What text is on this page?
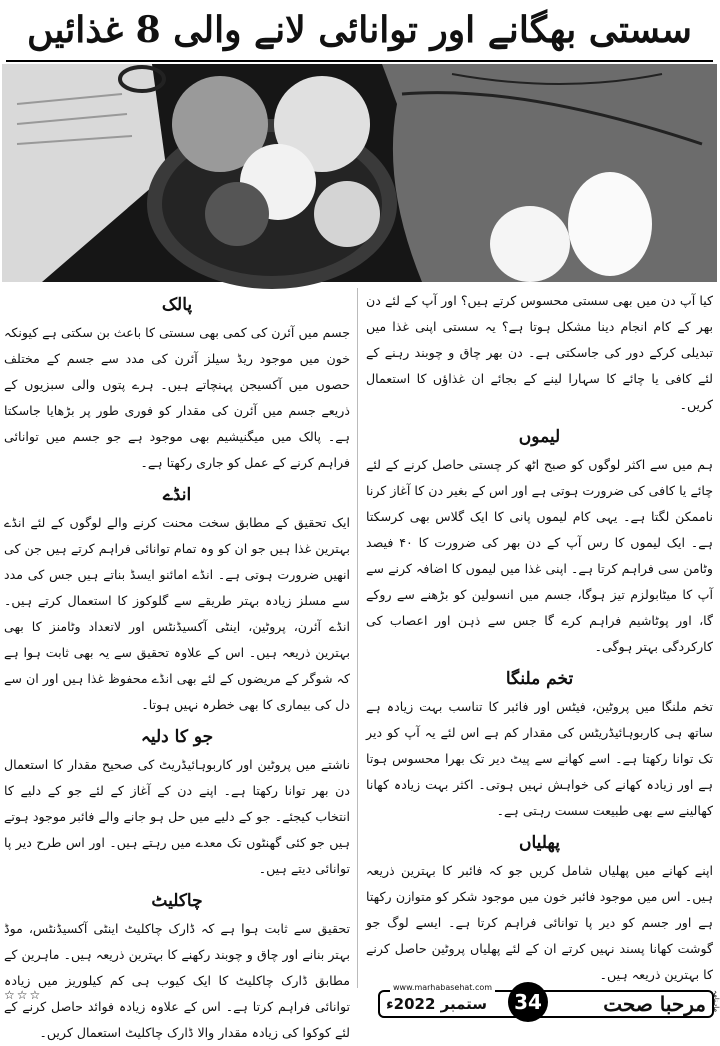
سستی بھگانے اور توانائی لانے والی 8 غذائیں

کیا آپ دن میں بھی سستی محسوس کرتے ہیں؟ اور آپ کے لئے دن بھر کے کام انجام دینا مشکل ہوتا ہے؟ یہ سستی اپنی غذا میں تبدیلی کرکے دور کی جاسکتی ہے۔ دن بھر چاق و چوبند رہنے کے لئے کافی یا چائے کا سہارا لینے کے بجائے ان غذاؤں کا استعمال کریں۔

لیموں

ہم میں سے اکثر لوگوں کو صبح اٹھ کر چستی حاصل کرنے کے لئے چائے یا کافی کی ضرورت ہوتی ہے اور اس کے بغیر دن کا آغاز کرنا ناممکن لگتا ہے۔ یہی کام لیموں پانی کا ایک گلاس بھی کرسکتا ہے۔ ایک لیموں کا رس آپ کے دن بھر کی ضرورت کا ۴۰ فیصد وٹامن سی فراہم کرتا ہے۔ اپنی غذا میں لیموں کا اضافہ کرنے سے آپ کا میٹابولزم تیز ہوگا، جسم میں انسولین کو بڑھنے سے روکے گا، اور پوٹاشیم فراہم کرے گا جس سے ذہن اور اعصاب کی کارکردگی بہتر ہوگی۔

تخم ملنگا

تخم ملنگا میں پروٹین، فیٹس اور فائبر کا تناسب بہت زیادہ ہے ساتھ ہی کاربوہائیڈریٹس کی مقدار کم ہے اس لئے یہ آپ کو دیر تک توانا رکھتا ہے۔ اسے کھانے سے پیٹ دیر تک بھرا محسوس ہوتا ہے اور زیادہ کھانے کی خواہش نہیں ہوتی۔ اکثر بہت زیادہ کھانا کھالینے سے بھی طبیعت سست رہتی ہے۔

پھلیاں

اپنے کھانے میں پھلیاں شامل کریں جو کہ فائبر کا بہترین ذریعہ ہیں۔ اس میں موجود فائبر خون میں موجود شکر کو متوازن رکھتا ہے اور جسم کو دیر پا توانائی فراہم کرتا ہے۔ ایسے لوگ جو گوشت کھانا پسند نہیں کرتے ان کے لئے پھلیاں پروٹین حاصل کرنے کا بہترین ذریعہ ہیں۔

پالک

جسم میں آئرن کی کمی بھی سستی کا باعث بن سکتی ہے کیونکہ خون میں موجود ریڈ سیلز آئرن کی مدد سے جسم کے مختلف حصوں میں آکسیجن پہنچاتے ہیں۔ ہرے پتوں والی سبزیوں کے ذریعے جسم میں آئرن کی مقدار کو فوری طور پر بڑھایا جاسکتا ہے۔ پالک میں میگنیشیم بھی موجود ہے جو جسم میں توانائی فراہم کرنے کے عمل کو جاری رکھتا ہے۔

انڈے

ایک تحقیق کے مطابق سخت محنت کرنے والے لوگوں کے لئے انڈے بہترین غذا ہیں جو ان کو وہ تمام توانائی فراہم کرتے ہیں جن کی انھیں ضرورت ہوتی ہے۔ انڈے امائنو ایسڈ بناتے ہیں جس کی مدد سے مسلز زیادہ بہتر طریقے سے گلوکوز کا استعمال کرتے ہیں۔ انڈے آئرن، پروٹین، اینٹی آکسیڈنٹس اور لاتعداد وٹامنز کا بھی بہترین ذریعہ ہیں۔ اس کے علاوہ تحقیق سے یہ بھی ثابت ہوا ہے کہ شوگر کے مریضوں کے لئے بھی انڈے محفوظ غذا ہیں اور ان سے دل کی بیماری کا بھی خطرہ نہیں ہوتا۔

جو کا دلیہ

ناشتے میں پروٹین اور کاربوہائیڈریٹ کی صحیح مقدار کا استعمال دن بھر توانا رکھتا ہے۔ اپنے دن کے آغاز کے لئے جو کے دلیے کا انتخاب کیجئے۔ جو کے دلیے میں حل ہو جانے والے فائبر موجود ہوتے ہیں جو کئی گھنٹوں تک معدے میں رہتے ہیں۔ اور اس طرح دیر پا توانائی دیتے ہیں۔

چاکلیٹ

تحقیق سے ثابت ہوا ہے کہ ڈارک چاکلیٹ اینٹی آکسیڈنٹس، موڈ بہتر بنانے اور چاق و چوبند رکھنے کا بہترین ذریعہ ہیں۔ ماہرین کے مطابق ڈارک چاکلیٹ کا ایک کیوب ہی کم کیلوریز میں زیادہ توانائی فراہم کرتا ہے۔ اس کے علاوہ زیادہ فوائد حاصل کرنے کے لئے کوکوا کی زیادہ مقدار والا ڈارک چاکلیٹ استعمال کریں۔

☆☆☆
www.marhabasehat.com
ستمبر 2022ء	34	مرحبا صحت ماہنامہ
